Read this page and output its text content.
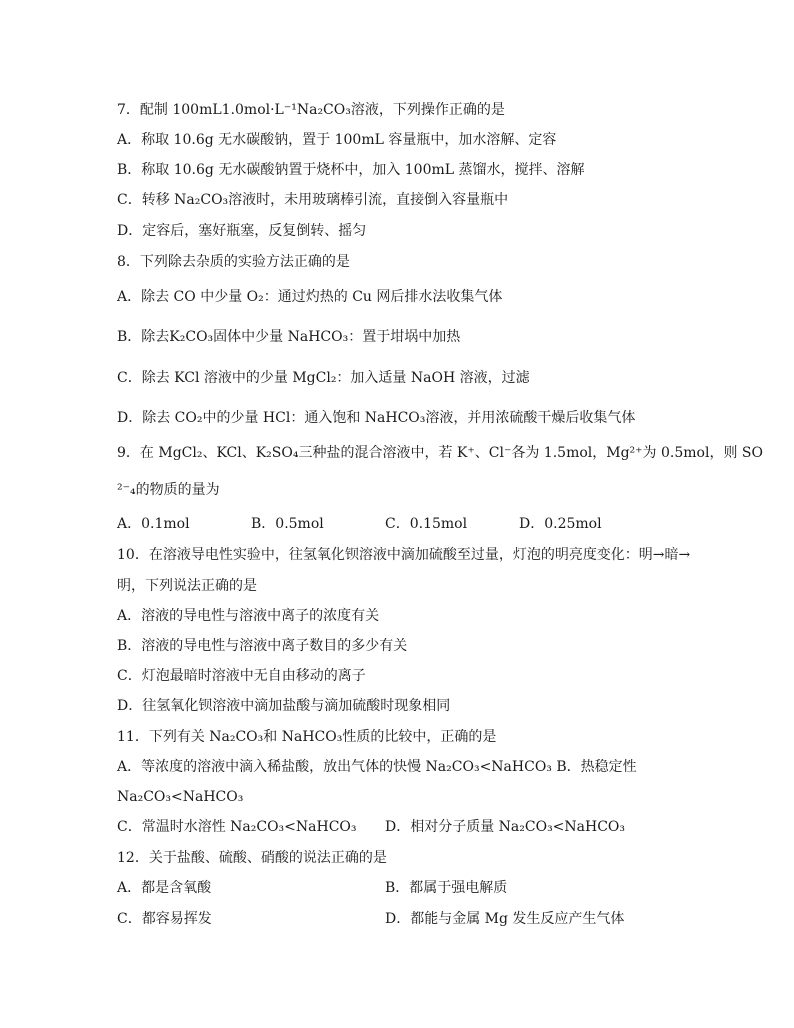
7．配制 100mL1.0mol·L⁻¹Na₂CO₃溶液，下列操作正确的是
A．称取 10.6g 无水碳酸钠，置于 100mL 容量瓶中，加水溶解、定容
B．称取 10.6g 无水碳酸钠置于烧杯中，加入 100mL 蒸馏水，搅拌、溶解
C．转移 Na₂CO₃溶液时，未用玻璃棒引流，直接倒入容量瓶中
D．定容后，塞好瓶塞，反复倒转、摇匀
8．下列除去杂质的实验方法正确的是
A．除去 CO 中少量 O₂：通过灼热的 Cu 网后排水法收集气体
B．除去K₂CO₃固体中少量 NaHCO₃：置于坩埚中加热
C．除去 KCl 溶液中的少量 MgCl₂：加入适量 NaOH 溶液，过滤
D．除去 CO₂中的少量 HCl：通入饱和 NaHCO₃溶液，并用浓硫酸干燥后收集气体
9．在 MgCl₂、KCl、K₂SO₄三种盐的混合溶液中，若 K⁺、Cl⁻各为 1.5mol，Mg²⁺为 0.5mol，则 SO
²⁻₄的物质的量为
A．0.1mol	B．0.5mol	C．0.15mol	D．0.25mol
10．在溶液导电性实验中，往氢氧化钡溶液中滴加硫酸至过量，灯泡的明亮度变化：明→暗→
明，下列说法正确的是
A．溶液的导电性与溶液中离子的浓度有关
B．溶液的导电性与溶液中离子数目的多少有关
C．灯泡最暗时溶液中无自由移动的离子
D．往氢氧化钡溶液中滴加盐酸与滴加硫酸时现象相同
11．下列有关 Na₂CO₃和 NaHCO₃性质的比较中，正确的是
A．等浓度的溶液中滴入稀盐酸，放出气体的快慢 Na₂CO₃<NaHCO₃ B．热稳定性
Na₂CO₃<NaHCO₃
C．常温时水溶性 Na₂CO₃<NaHCO₃ D．相对分子质量 Na₂CO₃<NaHCO₃
12．关于盐酸、硫酸、硝酸的说法正确的是
A．都是含氧酸	B．都属于强电解质
C．都容易挥发	D．都能与金属 Mg 发生反应产生气体
